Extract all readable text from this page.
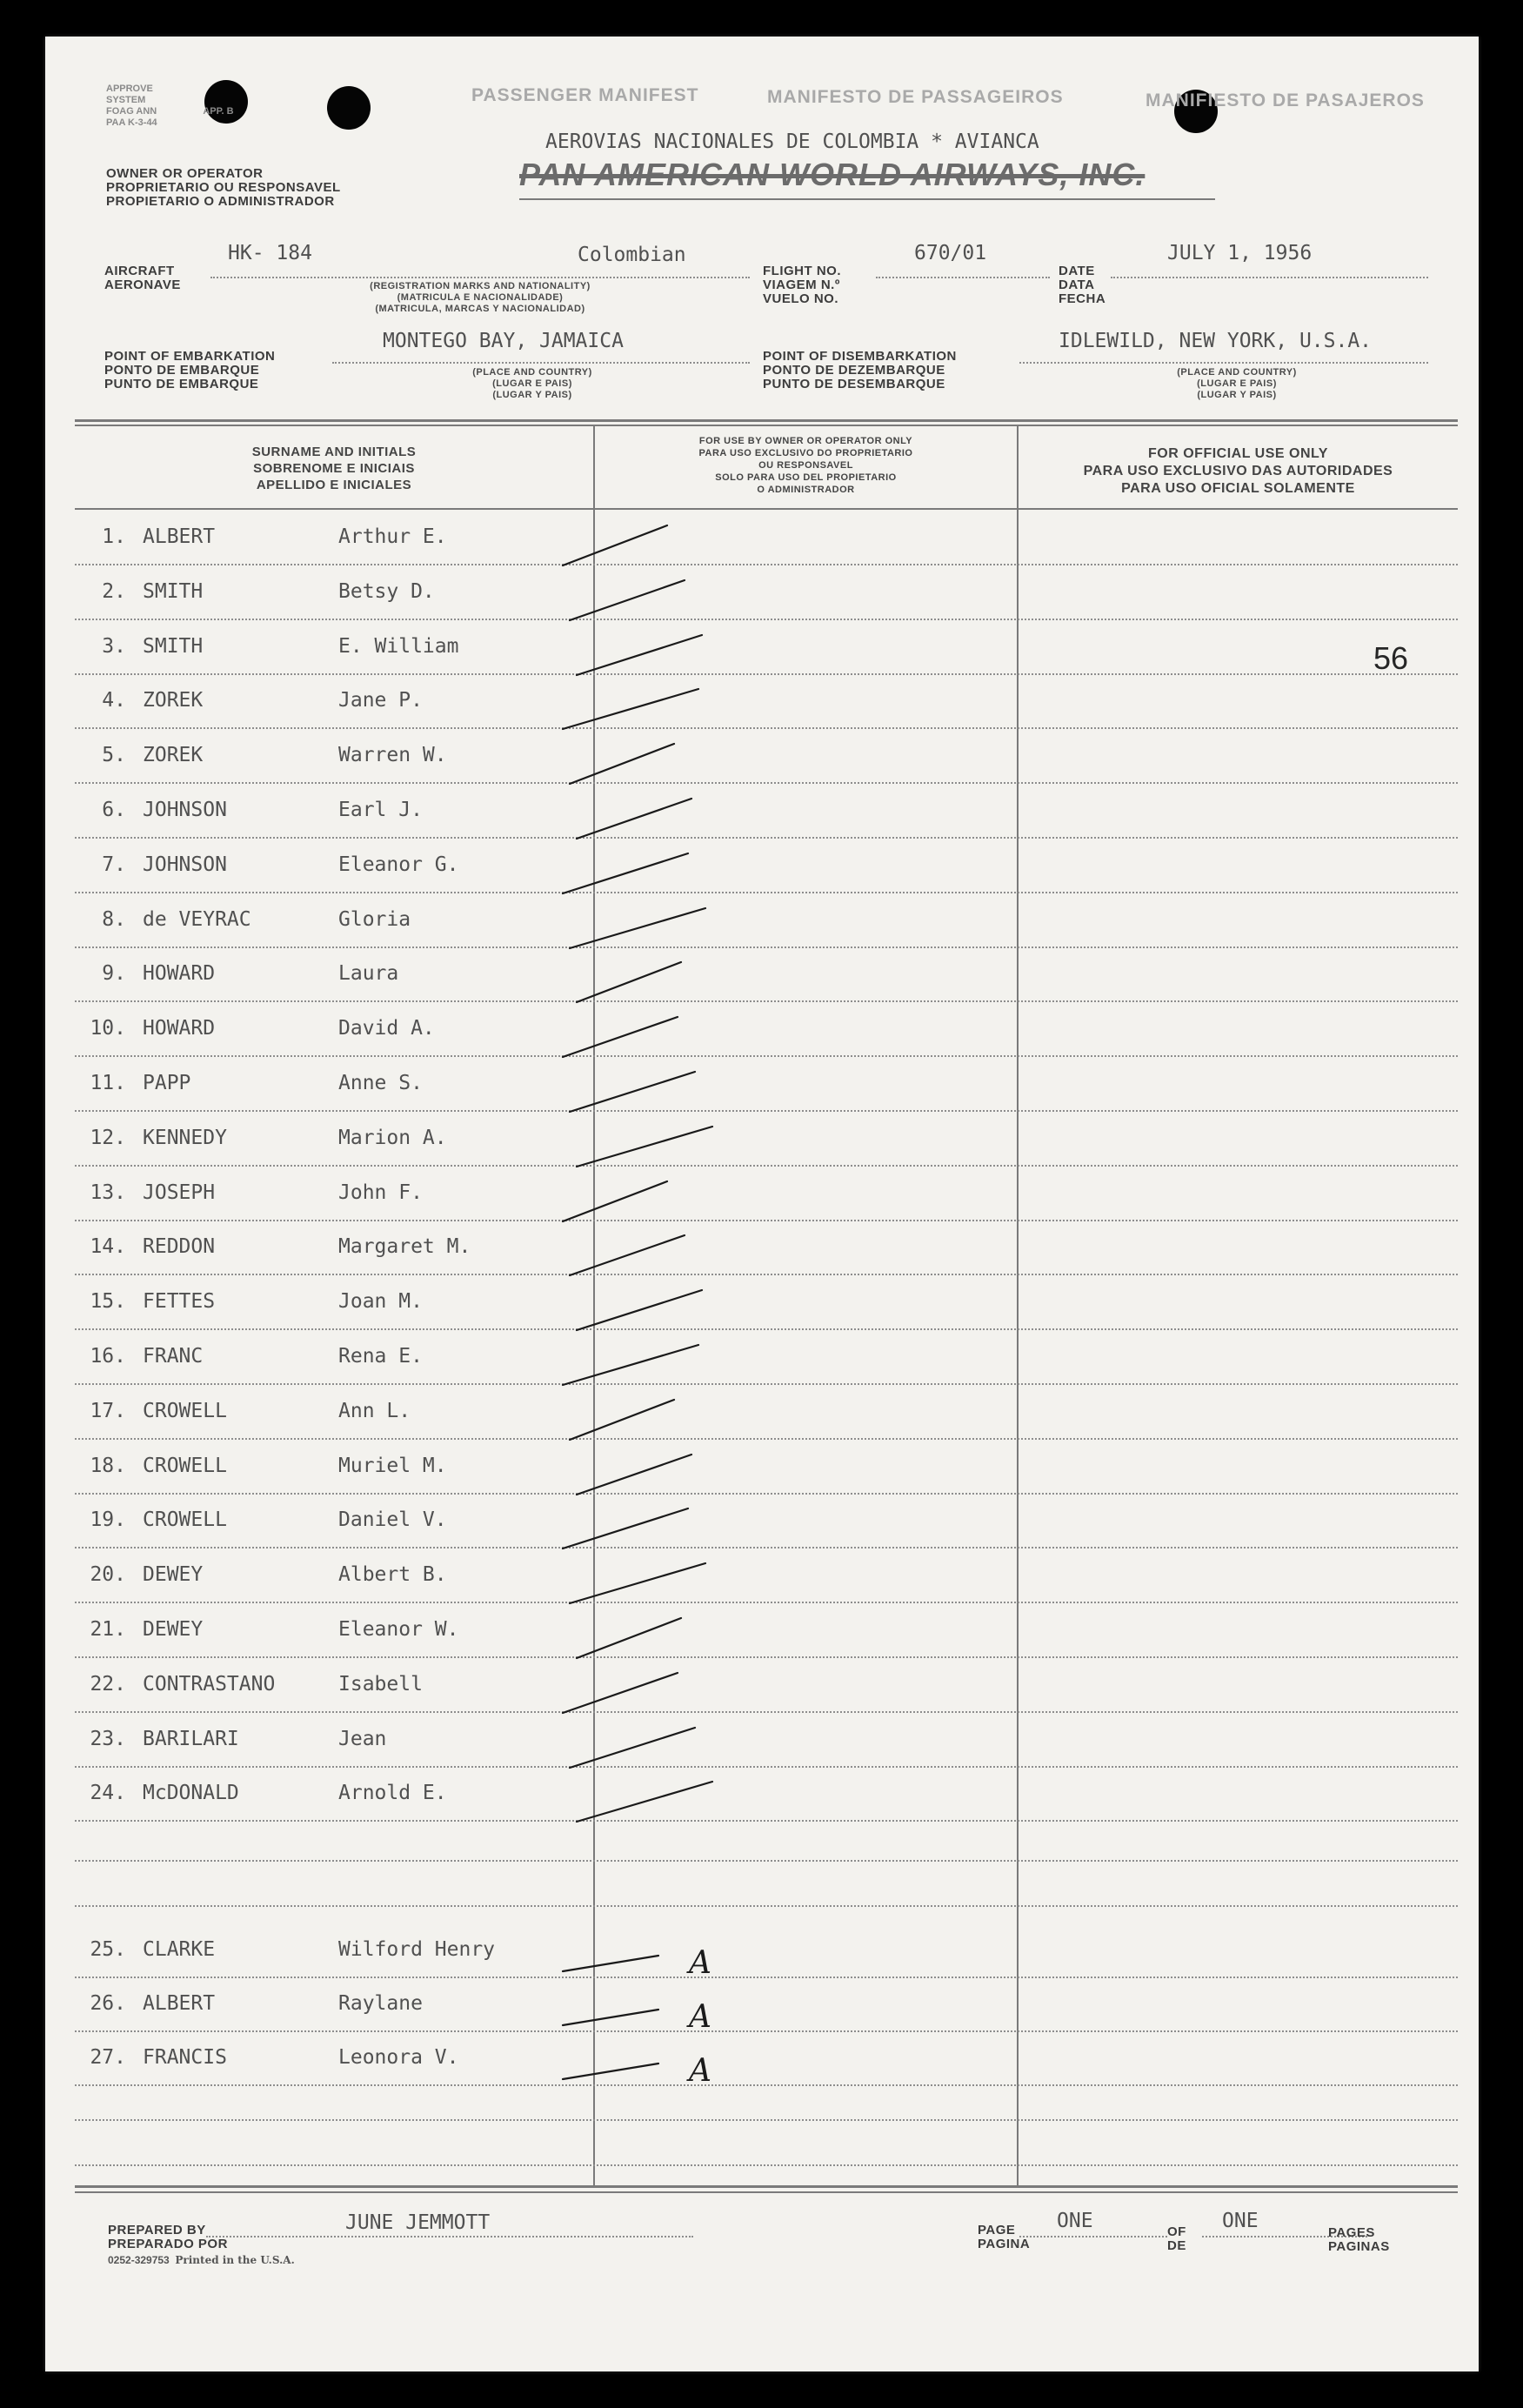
APPROVE
SYSTEM
FOAG ANN	APP. B
PAA K-3-44
PASSENGER MANIFEST	MANIFESTO DE PASSAGEIROS	MANIFIESTO DE PASAJEROS
OWNER OR OPERATOR
PROPRIETARIO OU RESPONSAVEL
PROPIETARIO O ADMINISTRADOR
AEROVIAS NACIONALES DE COLOMBIA * AVIANCA
PAN AMERICAN WORLD AIRWAYS, INC.
AIRCRAFT
AERONAVE
HK- 184	Colombian
(REGISTRATION MARKS AND NATIONALITY)
(MATRICULA E NACIONALIDADE)
(MATRICULA, MARCAS Y NACIONALIDAD)
FLIGHT NO.
VIAGEM N.º
VUELO NO.
670/01
DATE
DATA
FECHA
JULY 1, 1956
POINT OF EMBARKATION
PONTO DE EMBARQUE
PUNTO DE EMBARQUE
MONTEGO BAY, JAMAICA
(PLACE AND COUNTRY)
(LUGAR E PAIS)
(LUGAR Y PAIS)
POINT OF DISEMBARKATION
PONTO DE DEZEMBARQUE
PUNTO DE DESEMBARQUE
IDLEWILD, NEW YORK, U.S.A.
(PLACE AND COUNTRY)
(LUGAR E PAIS)
(LUGAR Y PAIS)
SURNAME AND INITIALS
SOBRENOME E INICIAIS
APELLIDO E INICIALES
FOR USE BY OWNER OR OPERATOR ONLY
PARA USO EXCLUSIVO DO PROPRIETARIO
OU RESPONSAVEL
SOLO PARA USO DEL PROPIETARIO
O ADMINISTRADOR
FOR OFFICIAL USE ONLY
PARA USO EXCLUSIVO DAS AUTORIDADES
PARA USO OFICIAL SOLAMENTE
1. ALBERT	Arthur E.
2. SMITH	Betsy D.
3. SMITH	E. William
4. ZOREK	Jane P.
5. ZOREK	Warren W.
6. JOHNSON	Earl J.
7. JOHNSON	Eleanor G.
8. de VEYRAC	Gloria
9. HOWARD	Laura
10. HOWARD	David A.
11. PAPP	Anne S.
12. KENNEDY	Marion A.
13. JOSEPH	John F.
14. REDDON	Margaret M.
15. FETTES	Joan M.
16. FRANC	Rena E.
17. CROWELL	Ann L.
18. CROWELL	Muriel M.
19. CROWELL	Daniel V.
20. DEWEY	Albert B.
21. DEWEY	Eleanor W.
22. CONTRASTANO	Isabell
23. BARILARI	Jean
24. McDONALD	Arnold E.
25. CLARKE	Wilford Henry
26. ALBERT	Raylane
27. FRANCIS	Leonora V.
56
A
A
A
PREPARED BY
PREPARADO POR
JUNE JEMMOTT
0252-329753 Printed in the U.S.A.
PAGE
PAGINA
ONE	OF
DE
ONE
PAGES
PAGINAS
